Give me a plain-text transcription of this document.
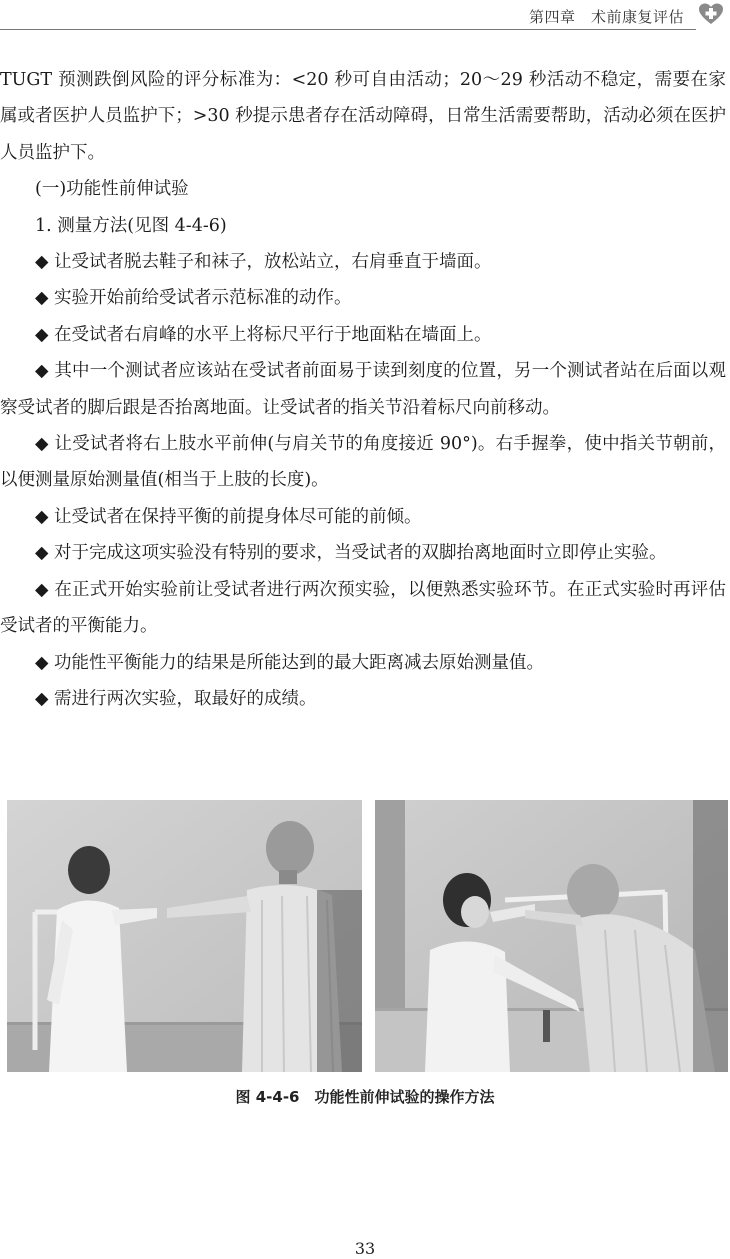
第四章　术前康复评估

TUGT 预测跌倒风险的评分标准为：<20 秒可自由活动；20～29 秒活动不稳定，需要在家属或者医护人员监护下；>30 秒提示患者存在活动障碍，日常生活需要帮助，活动必须在医护人员监护下。

(一)功能性前伸试验

1. 测量方法(见图 4-4-6)

◆ 让受试者脱去鞋子和袜子，放松站立，右肩垂直于墙面。

◆ 实验开始前给受试者示范标准的动作。

◆ 在受试者右肩峰的水平上将标尺平行于地面粘在墙面上。

◆ 其中一个测试者应该站在受试者前面易于读到刻度的位置，另一个测试者站在后面以观察受试者的脚后跟是否抬离地面。让受试者的指关节沿着标尺向前移动。

◆ 让受试者将右上肢水平前伸(与肩关节的角度接近 90°)。右手握拳，使中指关节朝前，以便测量原始测量值(相当于上肢的长度)。

◆ 让受试者在保持平衡的前提身体尽可能的前倾。

◆ 对于完成这项实验没有特别的要求，当受试者的双脚抬离地面时立即停止实验。

◆ 在正式开始实验前让受试者进行两次预实验，以便熟悉实验环节。在正式实验时再评估受试者的平衡能力。

◆ 功能性平衡能力的结果是所能达到的最大距离减去原始测量值。

◆ 需进行两次实验，取最好的成绩。

图 4-4-6　功能性前伸试验的操作方法
33
